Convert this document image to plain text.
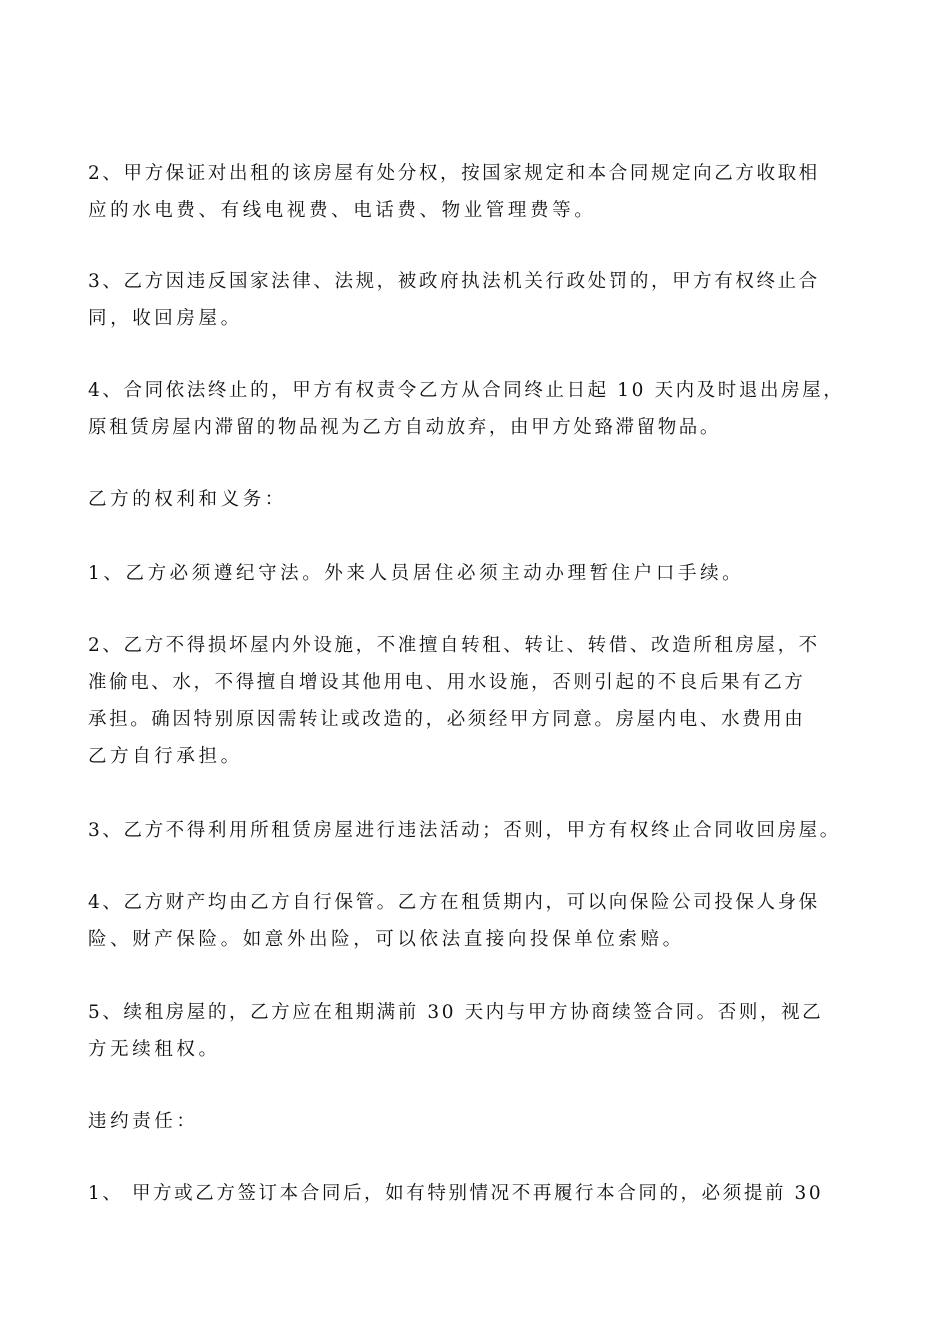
2、甲方保证对出租的该房屋有处分权，按国家规定和本合同规定向乙方收取相
应的水电费、有线电视费、电话费、物业管理费等。
3、乙方因违反国家法律、法规，被政府执法机关行政处罚的，甲方有权终止合
同，收回房屋。
4、合同依法终止的，甲方有权责令乙方从合同终止日起 10 天内及时退出房屋，
原租赁房屋内滞留的物品视为乙方自动放弃，由甲方处臵滞留物品。
乙方的权利和义务：
1、乙方必须遵纪守法。外来人员居住必须主动办理暂住户口手续。
2、乙方不得损坏屋内外设施，不准擅自转租、转让、转借、改造所租房屋，不
准偷电、水，不得擅自增设其他用电、用水设施，否则引起的不良后果有乙方
承担。确因特别原因需转让或改造的，必须经甲方同意。房屋内电、水费用由
乙方自行承担。
3、乙方不得利用所租赁房屋进行违法活动；否则，甲方有权终止合同收回房屋。
4、乙方财产均由乙方自行保管。乙方在租赁期内，可以向保险公司投保人身保
险、财产保险。如意外出险，可以依法直接向投保单位索赔。
5、续租房屋的，乙方应在租期满前 30 天内与甲方协商续签合同。否则，视乙
方无续租权。
违约责任：
1、 甲方或乙方签订本合同后，如有特别情况不再履行本合同的，必须提前 30
